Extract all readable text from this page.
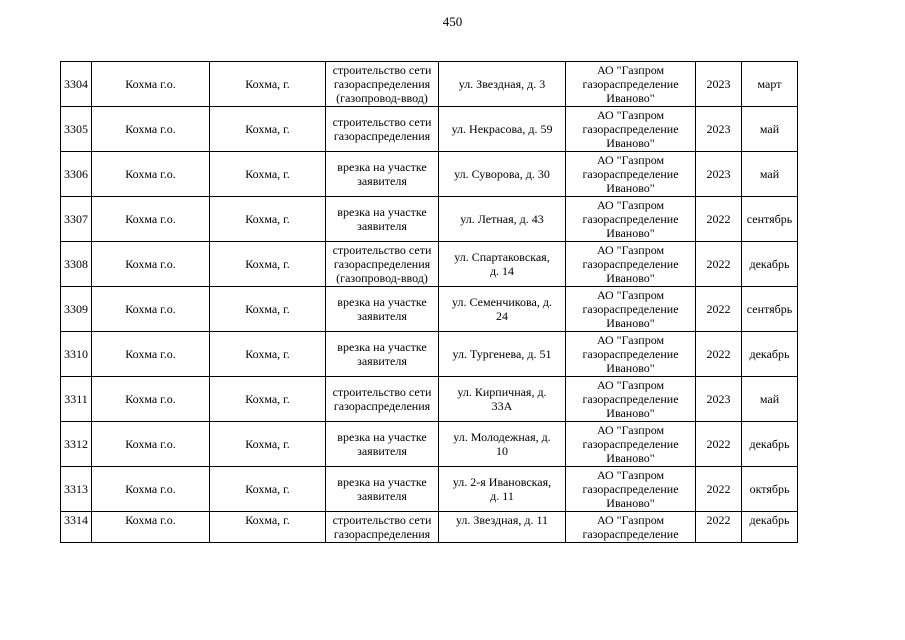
450
3304	Кохма г.о.	Кохма, г.	строительство сети
газораспределения
(газопровод-ввод)	ул. Звездная, д. 3	АО "Газпром
газораспределение
Иваново"	2023	март
3305	Кохма г.о.	Кохма, г.	строительство сети
газораспределения	ул. Некрасова, д. 59	АО "Газпром
газораспределение
Иваново"	2023	май
3306	Кохма г.о.	Кохма, г.	врезка на участке
заявителя	ул. Суворова, д. 30	АО "Газпром
газораспределение
Иваново"	2023	май
3307	Кохма г.о.	Кохма, г.	врезка на участке
заявителя	ул. Летная, д. 43	АО "Газпром
газораспределение
Иваново"	2022	сентябрь
3308	Кохма г.о.	Кохма, г.	строительство сети
газораспределения
(газопровод-ввод)	ул. Спартаковская,
д. 14	АО "Газпром
газораспределение
Иваново"	2022	декабрь
3309	Кохма г.о.	Кохма, г.	врезка на участке
заявителя	ул. Семенчикова, д.
24	АО "Газпром
газораспределение
Иваново"	2022	сентябрь
3310	Кохма г.о.	Кохма, г.	врезка на участке
заявителя	ул. Тургенева, д. 51	АО "Газпром
газораспределение
Иваново"	2022	декабрь
3311	Кохма г.о.	Кохма, г.	строительство сети
газораспределения	ул. Кирпичная, д.
33А	АО "Газпром
газораспределение
Иваново"	2023	май
3312	Кохма г.о.	Кохма, г.	врезка на участке
заявителя	ул. Молодежная, д.
10	АО "Газпром
газораспределение
Иваново"	2022	декабрь
3313	Кохма г.о.	Кохма, г.	врезка на участке
заявителя	ул. 2-я Ивановская,
д. 11	АО "Газпром
газораспределение
Иваново"	2022	октябрь
3314	Кохма г.о.	Кохма, г.	строительство сети
газораспределения	ул. Звездная, д. 11	АО "Газпром
газораспределение	2022	декабрь
